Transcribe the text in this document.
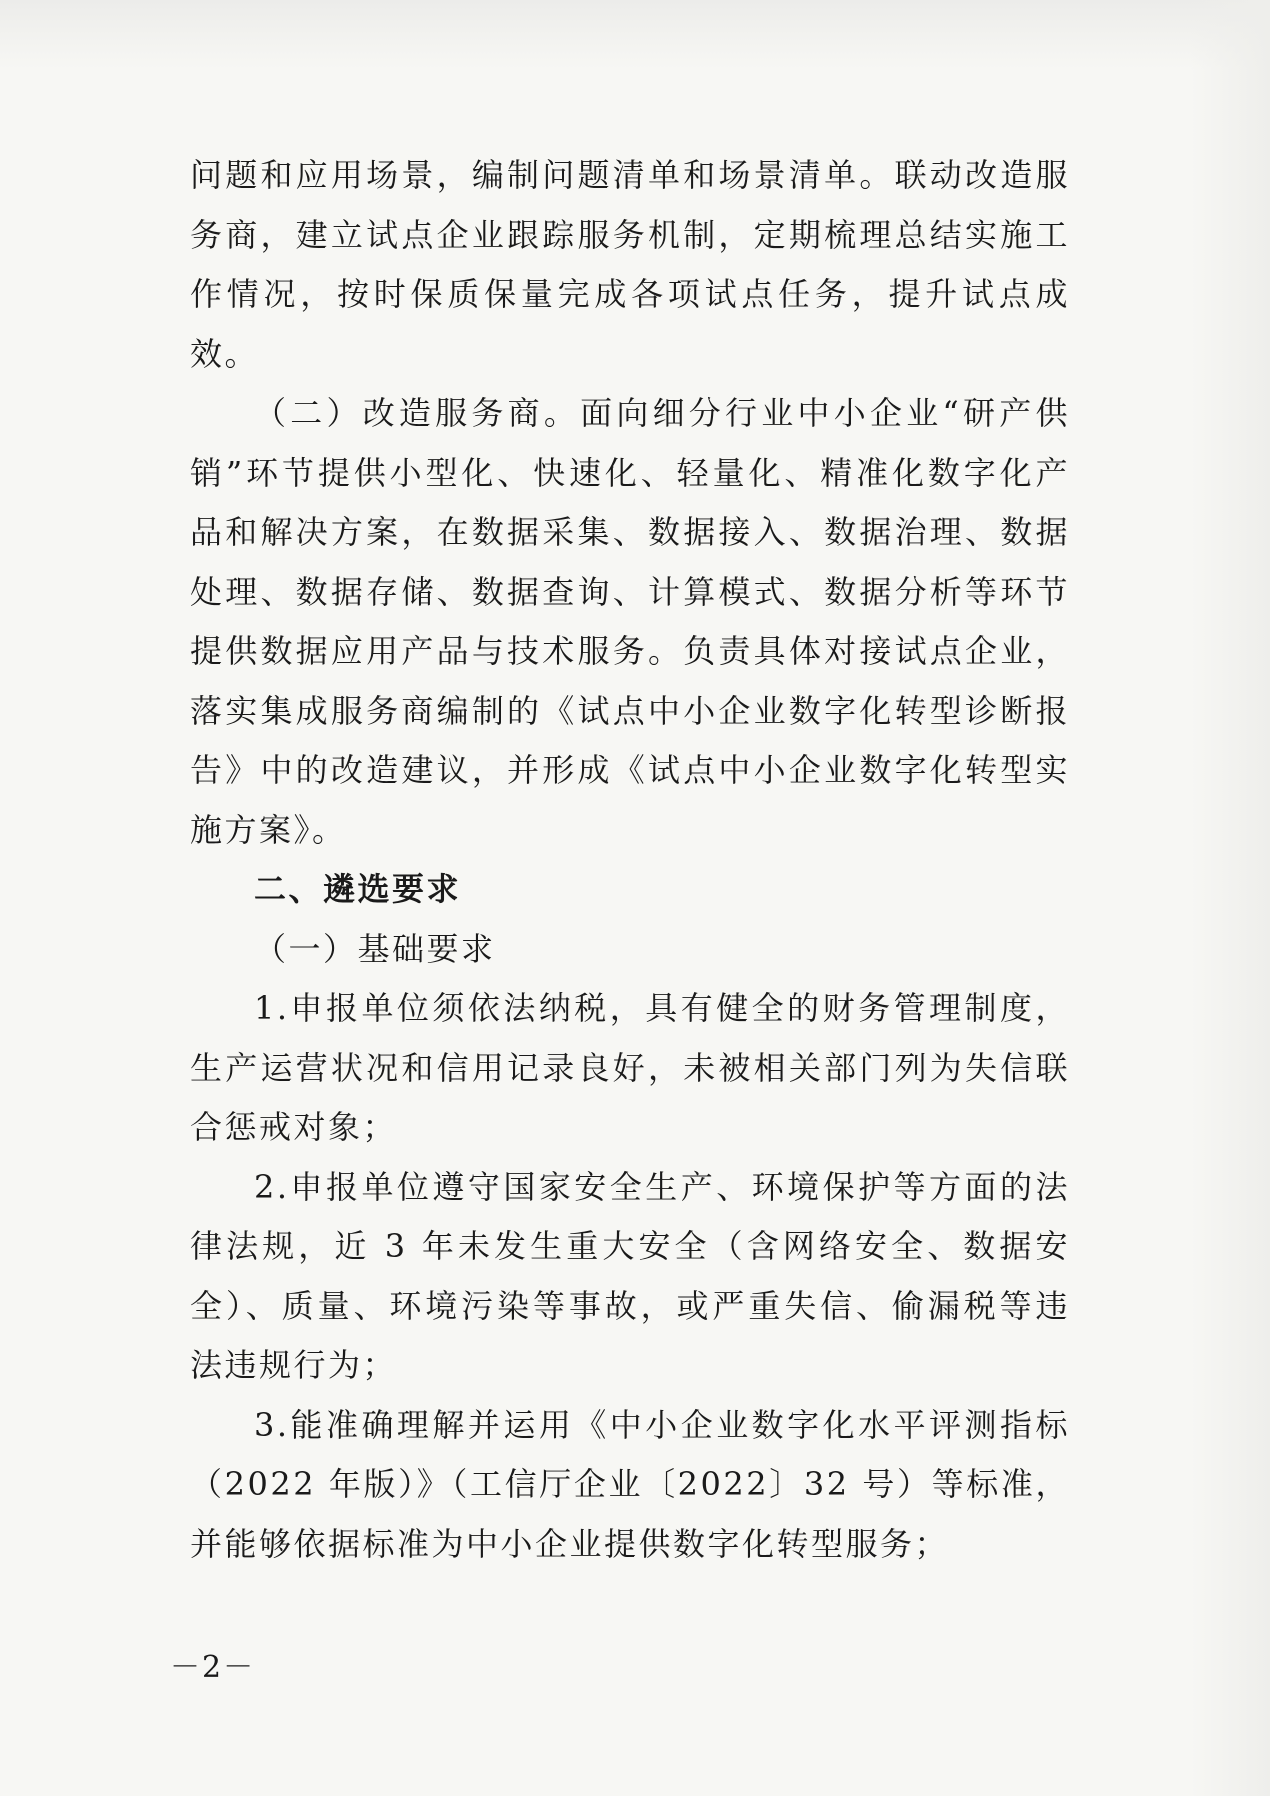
问题和应用场景，编制问题清单和场景清单。联动改造服务商，建立试点企业跟踪服务机制，定期梳理总结实施工作情况，按时保质保量完成各项试点任务，提升试点成效。

（二）改造服务商。面向细分行业中小企业“研产供销”环节提供小型化、快速化、轻量化、精准化数字化产品和解决方案，在数据采集、数据接入、数据治理、数据处理、数据存储、数据查询、计算模式、数据分析等环节提供数据应用产品与技术服务。负责具体对接试点企业，落实集成服务商编制的《试点中小企业数字化转型诊断报告》中的改造建议，并形成《试点中小企业数字化转型实施方案》。

二、遴选要求

（一）基础要求

1.申报单位须依法纳税，具有健全的财务管理制度，生产运营状况和信用记录良好，未被相关部门列为失信联合惩戒对象；

2.申报单位遵守国家安全生产、环境保护等方面的法律法规，近 3 年未发生重大安全（含网络安全、数据安全）、质量、环境污染等事故，或严重失信、偷漏税等违法违规行为；

3.能准确理解并运用《中小企业数字化水平评测指标（2022 年版）》（工信厅企业〔2022〕32 号）等标准，并能够依据标准为中小企业提供数字化转型服务；

－2－
